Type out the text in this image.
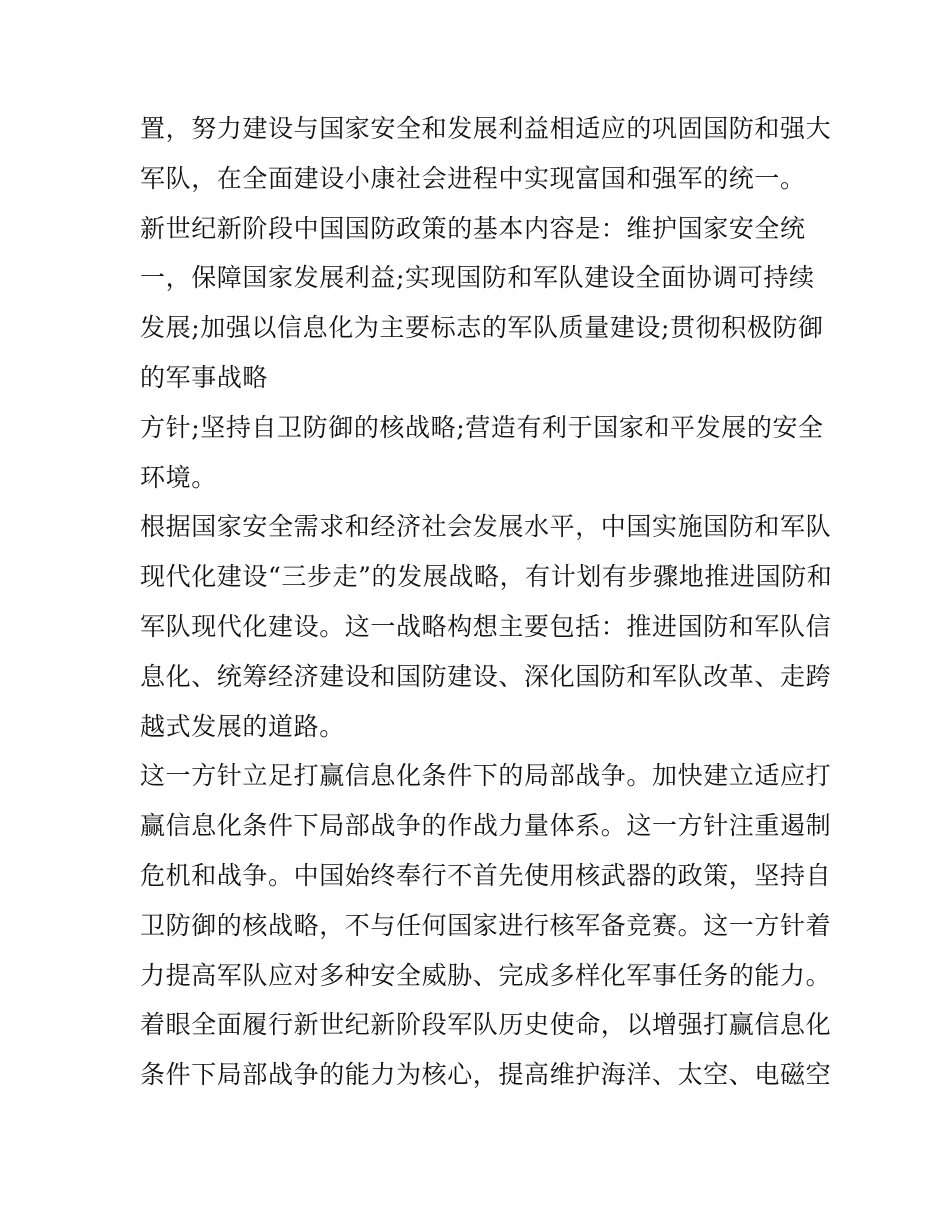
置，努力建设与国家安全和发展利益相适应的巩固国防和强大
军队，在全面建设小康社会进程中实现富国和强军的统一。
新世纪新阶段中国国防政策的基本内容是：维护国家安全统
一，保障国家发展利益;实现国防和军队建设全面协调可持续
发展;加强以信息化为主要标志的军队质量建设;贯彻积极防御
的军事战略
方针;坚持自卫防御的核战略;营造有利于国家和平发展的安全
环境。
根据国家安全需求和经济社会发展水平，中国实施国防和军队
现代化建设“三步走”的发展战略，有计划有步骤地推进国防和
军队现代化建设。这一战略构想主要包括：推进国防和军队信
息化、统筹经济建设和国防建设、深化国防和军队改革、走跨
越式发展的道路。
这一方针立足打赢信息化条件下的局部战争。加快建立适应打
赢信息化条件下局部战争的作战力量体系。这一方针注重遏制
危机和战争。中国始终奉行不首先使用核武器的政策，坚持自
卫防御的核战略，不与任何国家进行核军备竞赛。这一方针着
力提高军队应对多种安全威胁、完成多样化军事任务的能力。
着眼全面履行新世纪新阶段军队历史使命，以增强打赢信息化
条件下局部战争的能力为核心，提高维护海洋、太空、电磁空
